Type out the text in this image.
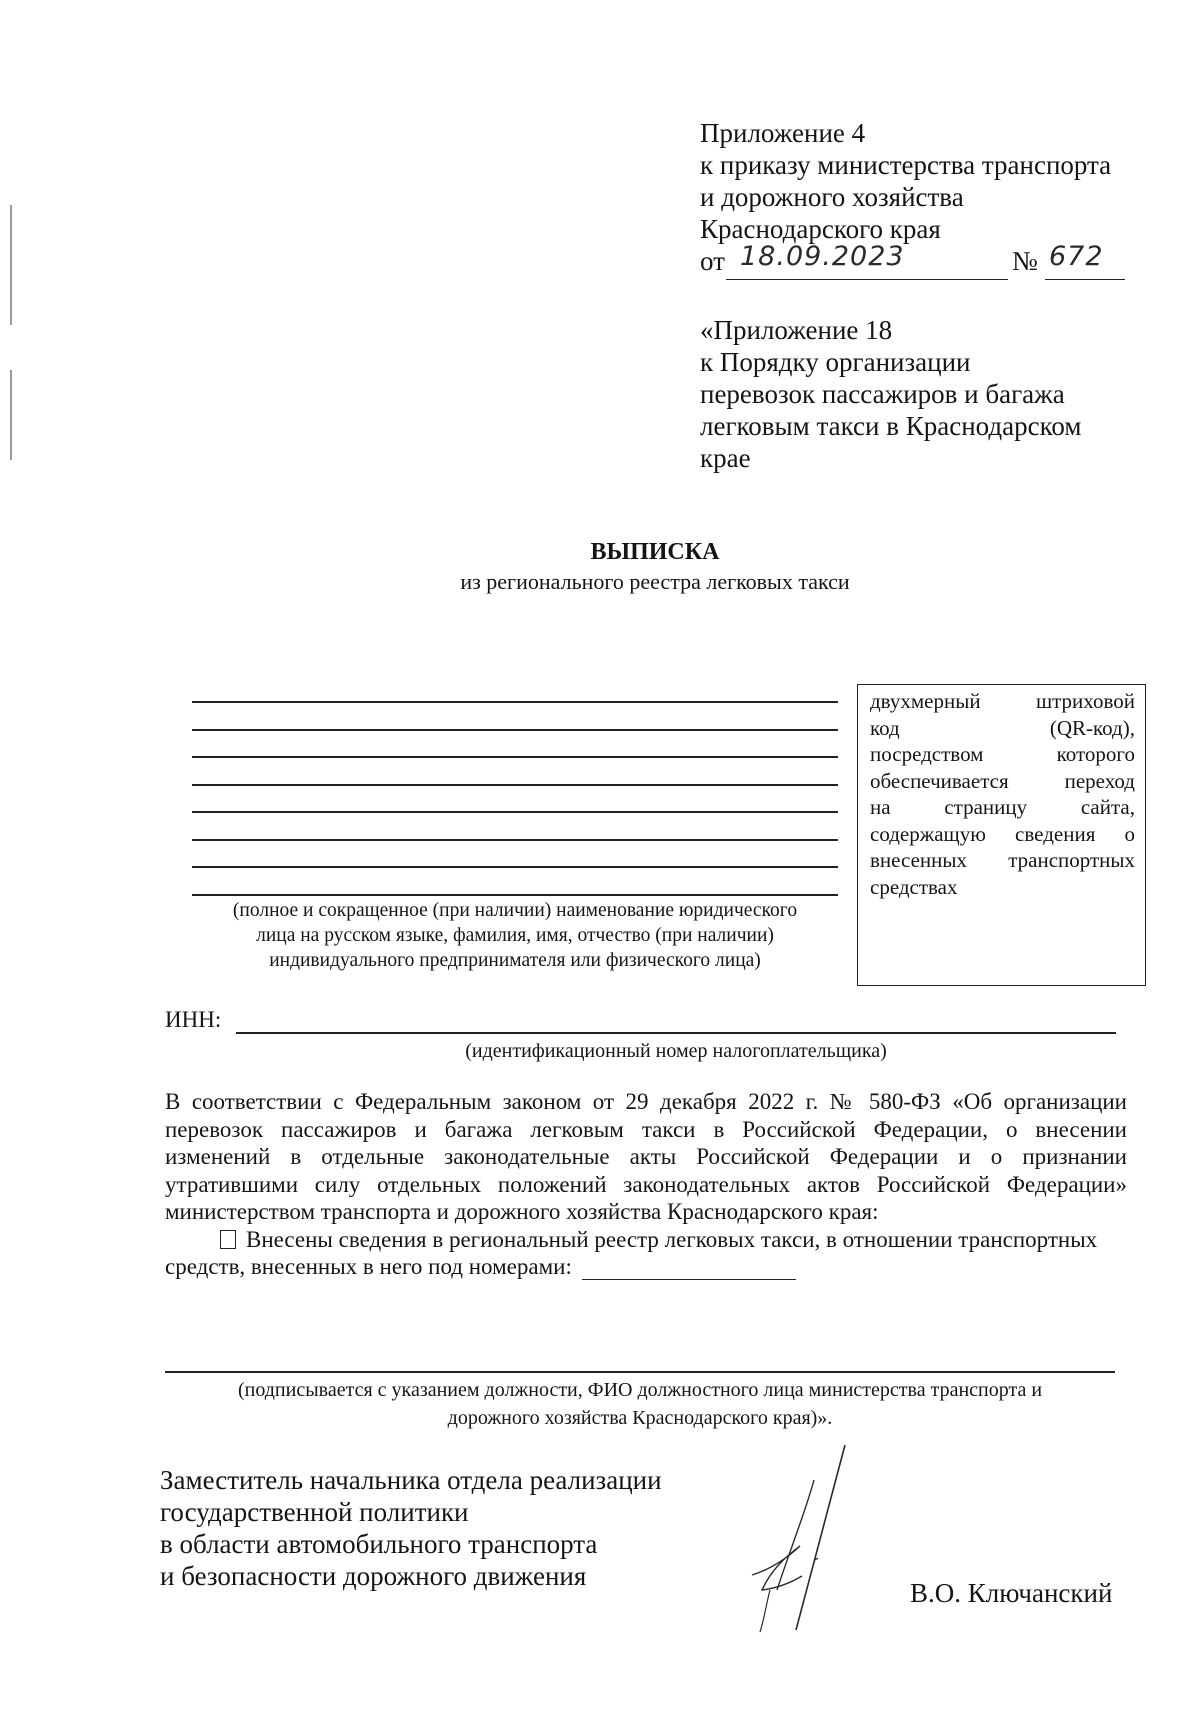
Приложение 4
к приказу министерства транспорта
и дорожного хозяйства
Краснодарского края
от 18.09.2023	№ 672
«Приложение 18
к Порядку организации
перевозок пассажиров и багажа
легковым такси в Краснодарском
крае
ВЫПИСКА
из регионального реестра легковых такси
(полное и сокращенное (при наличии) наименование юридического
лица на русском языке, фамилия, имя, отчество (при наличии)
индивидуального предпринимателя или физического лица)
двухмерный штриховой
код (QR-код),
посредством которого
обеспечивается переход
на страницу сайта,
содержащую сведения о
внесенных транспортных
средствах
ИНН:
(идентификационный номер налогоплательщика)
В соответствии с Федеральным законом от 29 декабря 2022 г. № 580-ФЗ «Об организации
перевозок пассажиров и багажа легковым такси в Российской Федерации, о внесении
изменений в отдельные законодательные акты Российской Федерации и о признании
утратившими силу отдельных положений законодательных актов Российской Федерации»
министерством транспорта и дорожного хозяйства Краснодарского края:
Внесены сведения в региональный реестр легковых такси, в отношении транспортных
средств, внесенных в него под номерами:
(подписывается с указанием должности, ФИО должностного лица министерства транспорта и
дорожного хозяйства Краснодарского края)».
Заместитель начальника отдела реализации
государственной политики
в области автомобильного транспорта
и безопасности дорожного движения
В.О. Ключанский
